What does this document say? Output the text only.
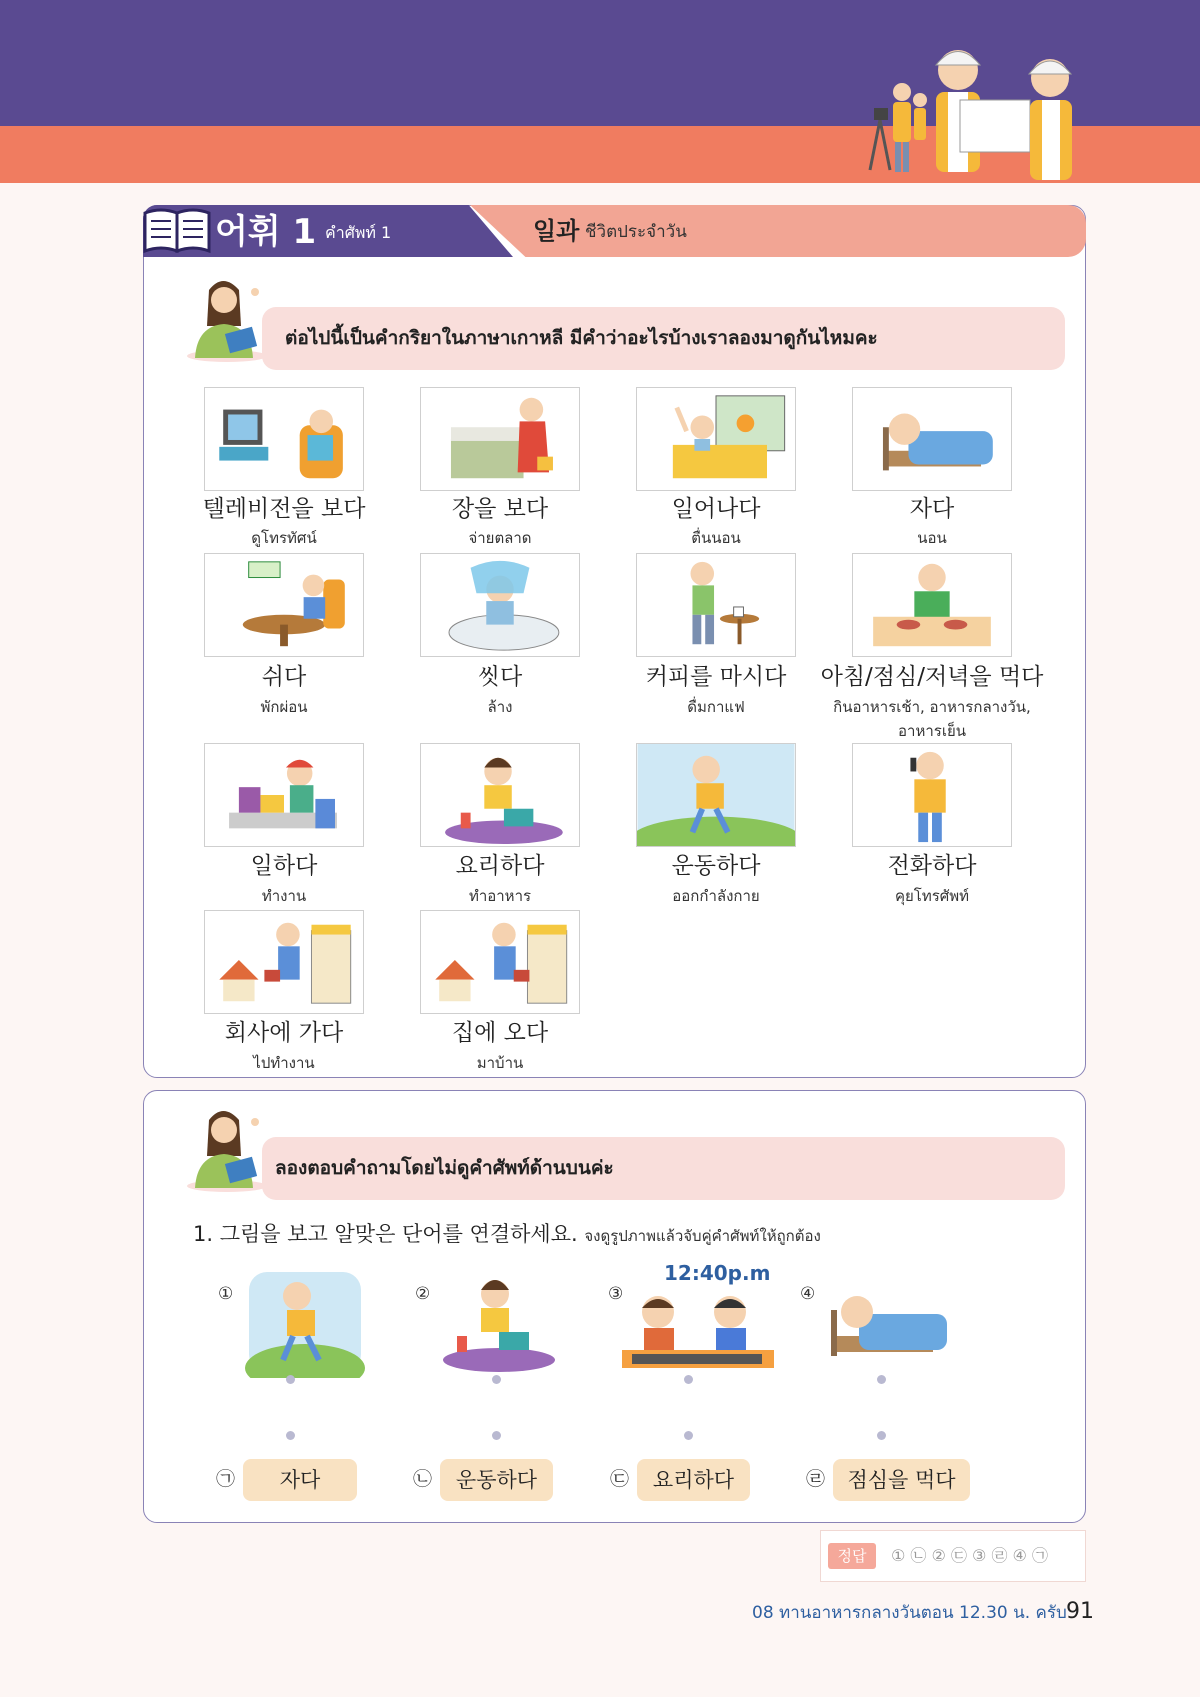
어휘 1 คำศัพท์ 1	일과 ชีวิตประจำวัน
ต่อไปนี้เป็นคำกริยาในภาษาเกาหลี มีคำว่าอะไรบ้างเราลองมาดูกันไหมคะ
텔레비전을 보다
ดูโทรทัศน์
장을 보다
จ่ายตลาด
일어나다
ตื่นนอน
자다
นอน
쉬다
พักผ่อน
씻다
ล้าง
커피를 마시다
ดื่มกาแฟ
아침/점심/저녁을 먹다
กินอาหารเช้า, อาหารกลางวัน,
อาหารเย็น
일하다
ทำงาน
요리하다
ทำอาหาร
운동하다
ออกกำลังกาย
전화하다
คุยโทรศัพท์
회사에 가다
ไปทำงาน
집에 오다
มาบ้าน
ลองตอบคำถามโดยไม่ดูคำศัพท์ด้านบนค่ะ
1. 그림을 보고 알맞은 단어를 연결하세요. จงดูรูปภาพแล้วจับคู่คำศัพท์ให้ถูกต้อง
①	②	③	④
12:40p.m
㉠	자다	㉡	운동하다	㉢	요리하다	㉣	점심을 먹다
정답	① ㉡ ② ㉢ ③ ㉣ ④ ㉠
08 ทานอาหารกลางวันตอน 12.30 น. ครับ 91
